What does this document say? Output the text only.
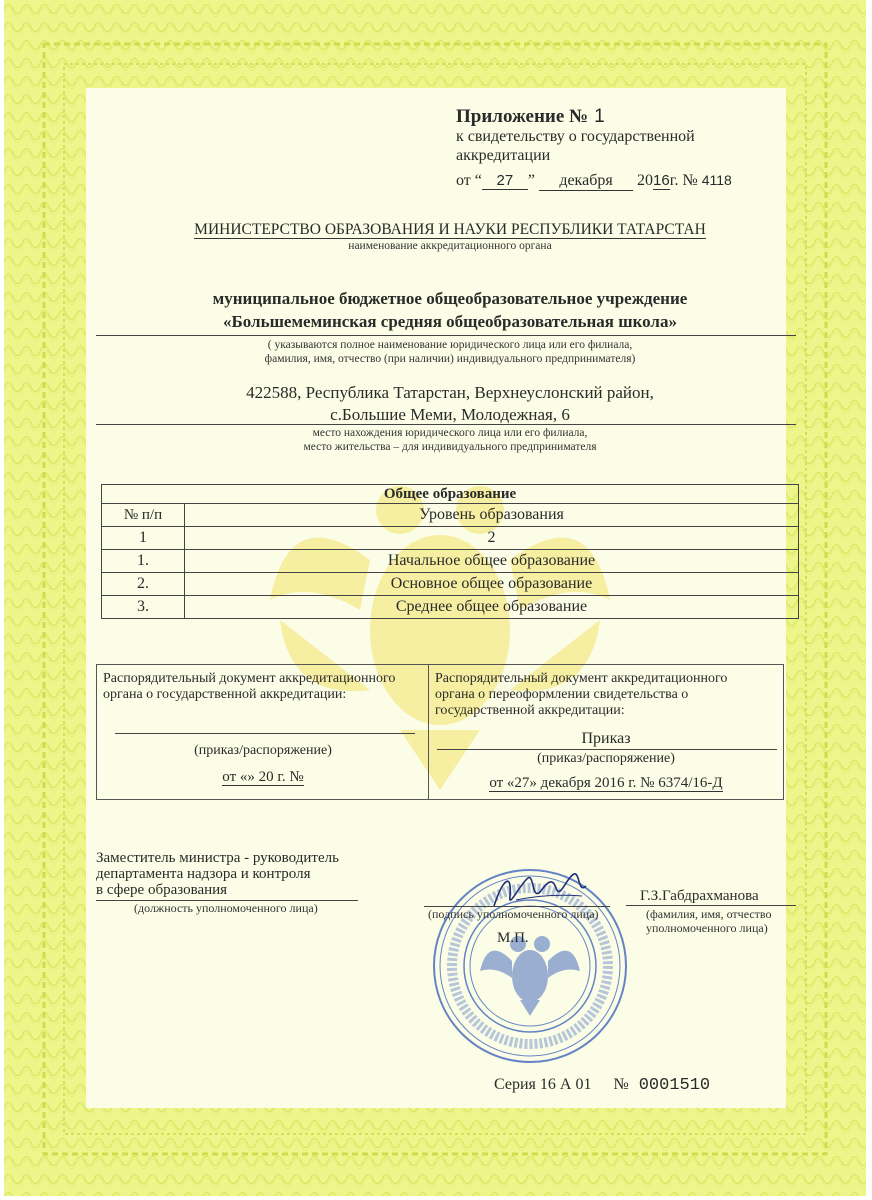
Приложение № 1
к свидетельству о государственной
аккредитации
от “ 27 ” декабря 2016г. № 4118
МИНИСТЕРСТВО ОБРАЗОВАНИЯ И НАУКИ РЕСПУБЛИКИ ТАТАРСТАН
наименование аккредитационного органа
муниципальное бюджетное общеобразовательное учреждение
«Большемеминская средняя общеобразовательная школа»
( указываются полное наименование юридического лица или его филиала,
фамилия, имя, отчество (при наличии) индивидуального предпринимателя)
422588, Республика Татарстан, Верхнеуслонский район,
с.Большие Меми, Молодежная, 6
место нахождения юридического лица или его филиала,
место жительства – для индивидуального предпринимателя
Общее образование	
№ п/п	Уровень образования
1	2
1.	Начальное общее образование
2.	Основное общее образование
3.	Среднее общее образование
Распорядительный документ аккредитационного органа о государственной аккредитации:
(приказ/распоряжение)
от «» 20 г. №
Распорядительный документ аккредитационного органа о переоформлении свидетельства о государственной аккредитации:
Приказ
(приказ/распоряжение)
от «27» декабря 2016 г. № 6374/16-Д
Заместитель министра - руководитель
департамента надзора и контроля
в сфере образования
(должность уполномоченного лица)	(подпись уполномоченного лица)
М.П.
Г.З.Габдрахманова
(фамилия, имя, отчество
уполномоченного лица)
Серия 16 А 01 № 0001510
